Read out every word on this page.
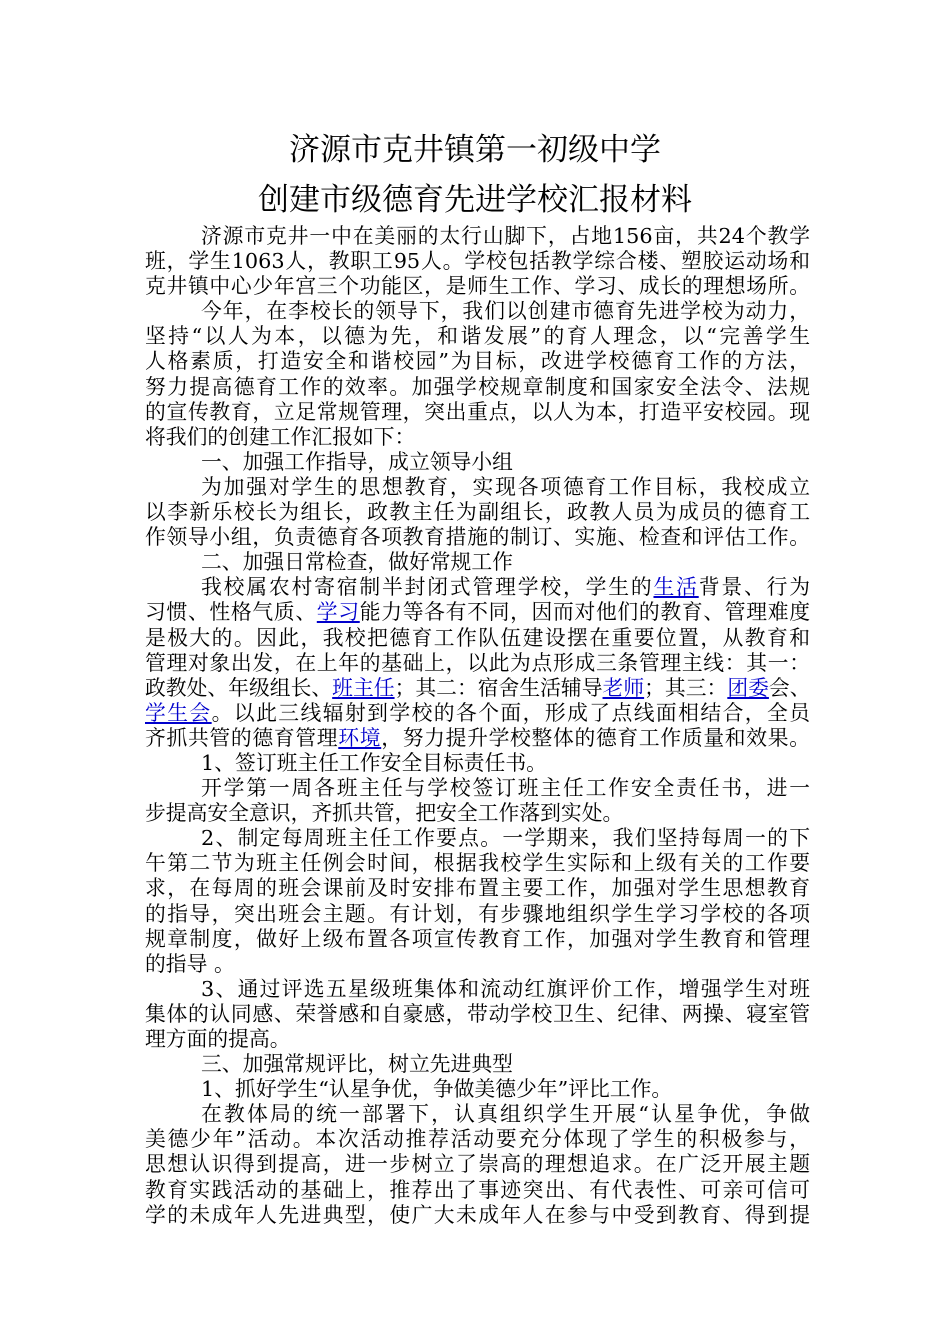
济源市克井镇第一初级中学
创建市级德育先进学校汇报材料
济源市克井一中在美丽的太行山脚下，占地156亩，共24个教学
班，学生1063人，教职工95人。学校包括教学综合楼、塑胶运动场和
克井镇中心少年宫三个功能区，是师生工作、学习、成长的理想场所。
今年，在李校长的领导下，我们以创建市德育先进学校为动力，
坚持“以人为本，以德为先，和谐发展”的育人理念，以“完善学生
人格素质，打造安全和谐校园”为目标，改进学校德育工作的方法，
努力提高德育工作的效率。加强学校规章制度和国家安全法令、法规
的宣传教育，立足常规管理，突出重点，以人为本，打造平安校园。现
将我们的创建工作汇报如下：
一、加强工作指导，成立领导小组
为加强对学生的思想教育，实现各项德育工作目标，我校成立
以李新乐校长为组长，政教主任为副组长，政教人员为成员的德育工
作领导小组，负责德育各项教育措施的制订、实施、检查和评估工作。
二、加强日常检查，做好常规工作
我校属农村寄宿制半封闭式管理学校，学生的生活背景、行为
习惯、性格气质、学习能力等各有不同，因而对他们的教育、管理难度
是极大的。因此，我校把德育工作队伍建设摆在重要位置，从教育和
管理对象出发，在上年的基础上，以此为点形成三条管理主线：其一：
政教处、年级组长、班主任；其二：宿舍生活辅导老师；其三：团委会、
学生会。以此三线辐射到学校的各个面，形成了点线面相结合，全员
齐抓共管的德育管理环境，努力提升学校整体的德育工作质量和效果。
1、签订班主任工作安全目标责任书。
开学第一周各班主任与学校签订班主任工作安全责任书，进一
步提高安全意识，齐抓共管，把安全工作落到实处。
2、制定每周班主任工作要点。一学期来，我们坚持每周一的下
午第二节为班主任例会时间，根据我校学生实际和上级有关的工作要
求，在每周的班会课前及时安排布置主要工作，加强对学生思想教育
的指导，突出班会主题。有计划，有步骤地组织学生学习学校的各项
规章制度，做好上级布置各项宣传教育工作，加强对学生教育和管理
的指导 。
3、通过评选五星级班集体和流动红旗评价工作，增强学生对班
集体的认同感、荣誉感和自豪感，带动学校卫生、纪律、两操、寝室管
理方面的提高。
三、加强常规评比，树立先进典型
1、抓好学生“认星争优，争做美德少年”评比工作。
在教体局的统一部署下，认真组织学生开展“认星争优，争做
美德少年”活动。本次活动推荐活动要充分体现了学生的积极参与，
思想认识得到提高，进一步树立了崇高的理想追求。在广泛开展主题
教育实践活动的基础上，推荐出了事迹突出、有代表性、可亲可信可
学的未成年人先进典型，使广大未成年人在参与中受到教育、得到提
